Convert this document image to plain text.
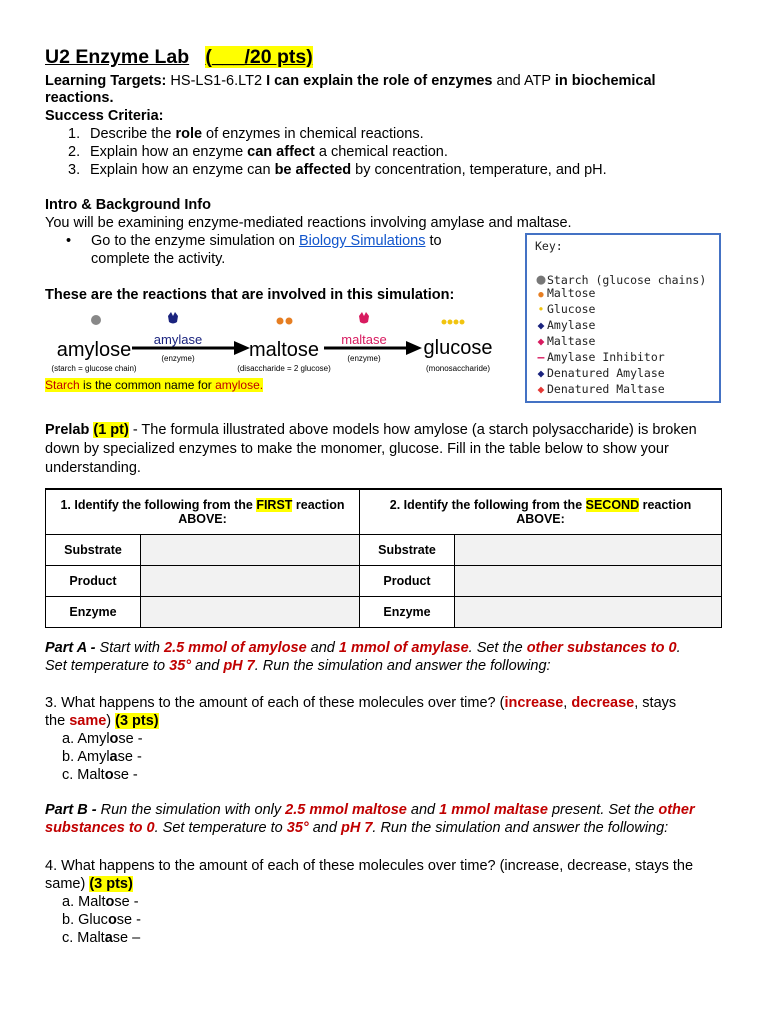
U2 Enzyme Lab (___/20 pts)
Learning Targets: HS-LS1-6.LT2 I can explain the role of enzymes and ATP in biochemical
reactions.
Success Criteria:
1. Describe the role of enzymes in chemical reactions.
2. Explain how an enzyme can affect a chemical reaction.
3. Explain how an enzyme can be affected by concentration, temperature, and pH.
Intro & Background Info
You will be examining enzyme-mediated reactions involving amylase and maltase.
• Go to the enzyme simulation on Biology Simulations to
complete the activity.
Key:
●Starch (glucose chains)
● Maltose
• Glucose
◆ Amylase
◆ Maltase
– Amylase Inhibitor
◆ Denatured Amylase
◆ Denatured Maltase
These are the reactions that are involved in this simulation:
amylose
(starch = glucose chain)
amylase
(enzyme)	maltose
(disaccharide = 2 glucose)
maltase
(enzyme) glucose
(monosaccharide)
Starch is the common name for amylose.
Prelab (1 pt) - The formula illustrated above models how amylose (a starch polysaccharide) is broken
down by specialized enzymes to make the monomer, glucose. Fill in the table below to show your
understanding.
1. Identify the following from the FIRST reaction
ABOVE:		2. Identify the following from the SECOND reaction
ABOVE:	
Substrate		Substrate	
Product		Product	
Enzyme		Enzyme	
Part A - Start with 2.5 mmol of amylose and 1 mmol of amylase. Set the other substances to 0.
Set temperature to 35° and pH 7. Run the simulation and answer the following:
3. What happens to the amount of each of these molecules over time? (increase, decrease, stays
the same) (3 pts)
a. Amylose -
b. Amylase -
c. Maltose -
Part B - Run the simulation with only 2.5 mmol maltose and 1 mmol maltase present. Set the other
substances to 0. Set temperature to 35° and pH 7. Run the simulation and answer the following:
4. What happens to the amount of each of these molecules over time? (increase, decrease, stays the
same) (3 pts)
a. Maltose -
b. Glucose -
c. Maltase –
